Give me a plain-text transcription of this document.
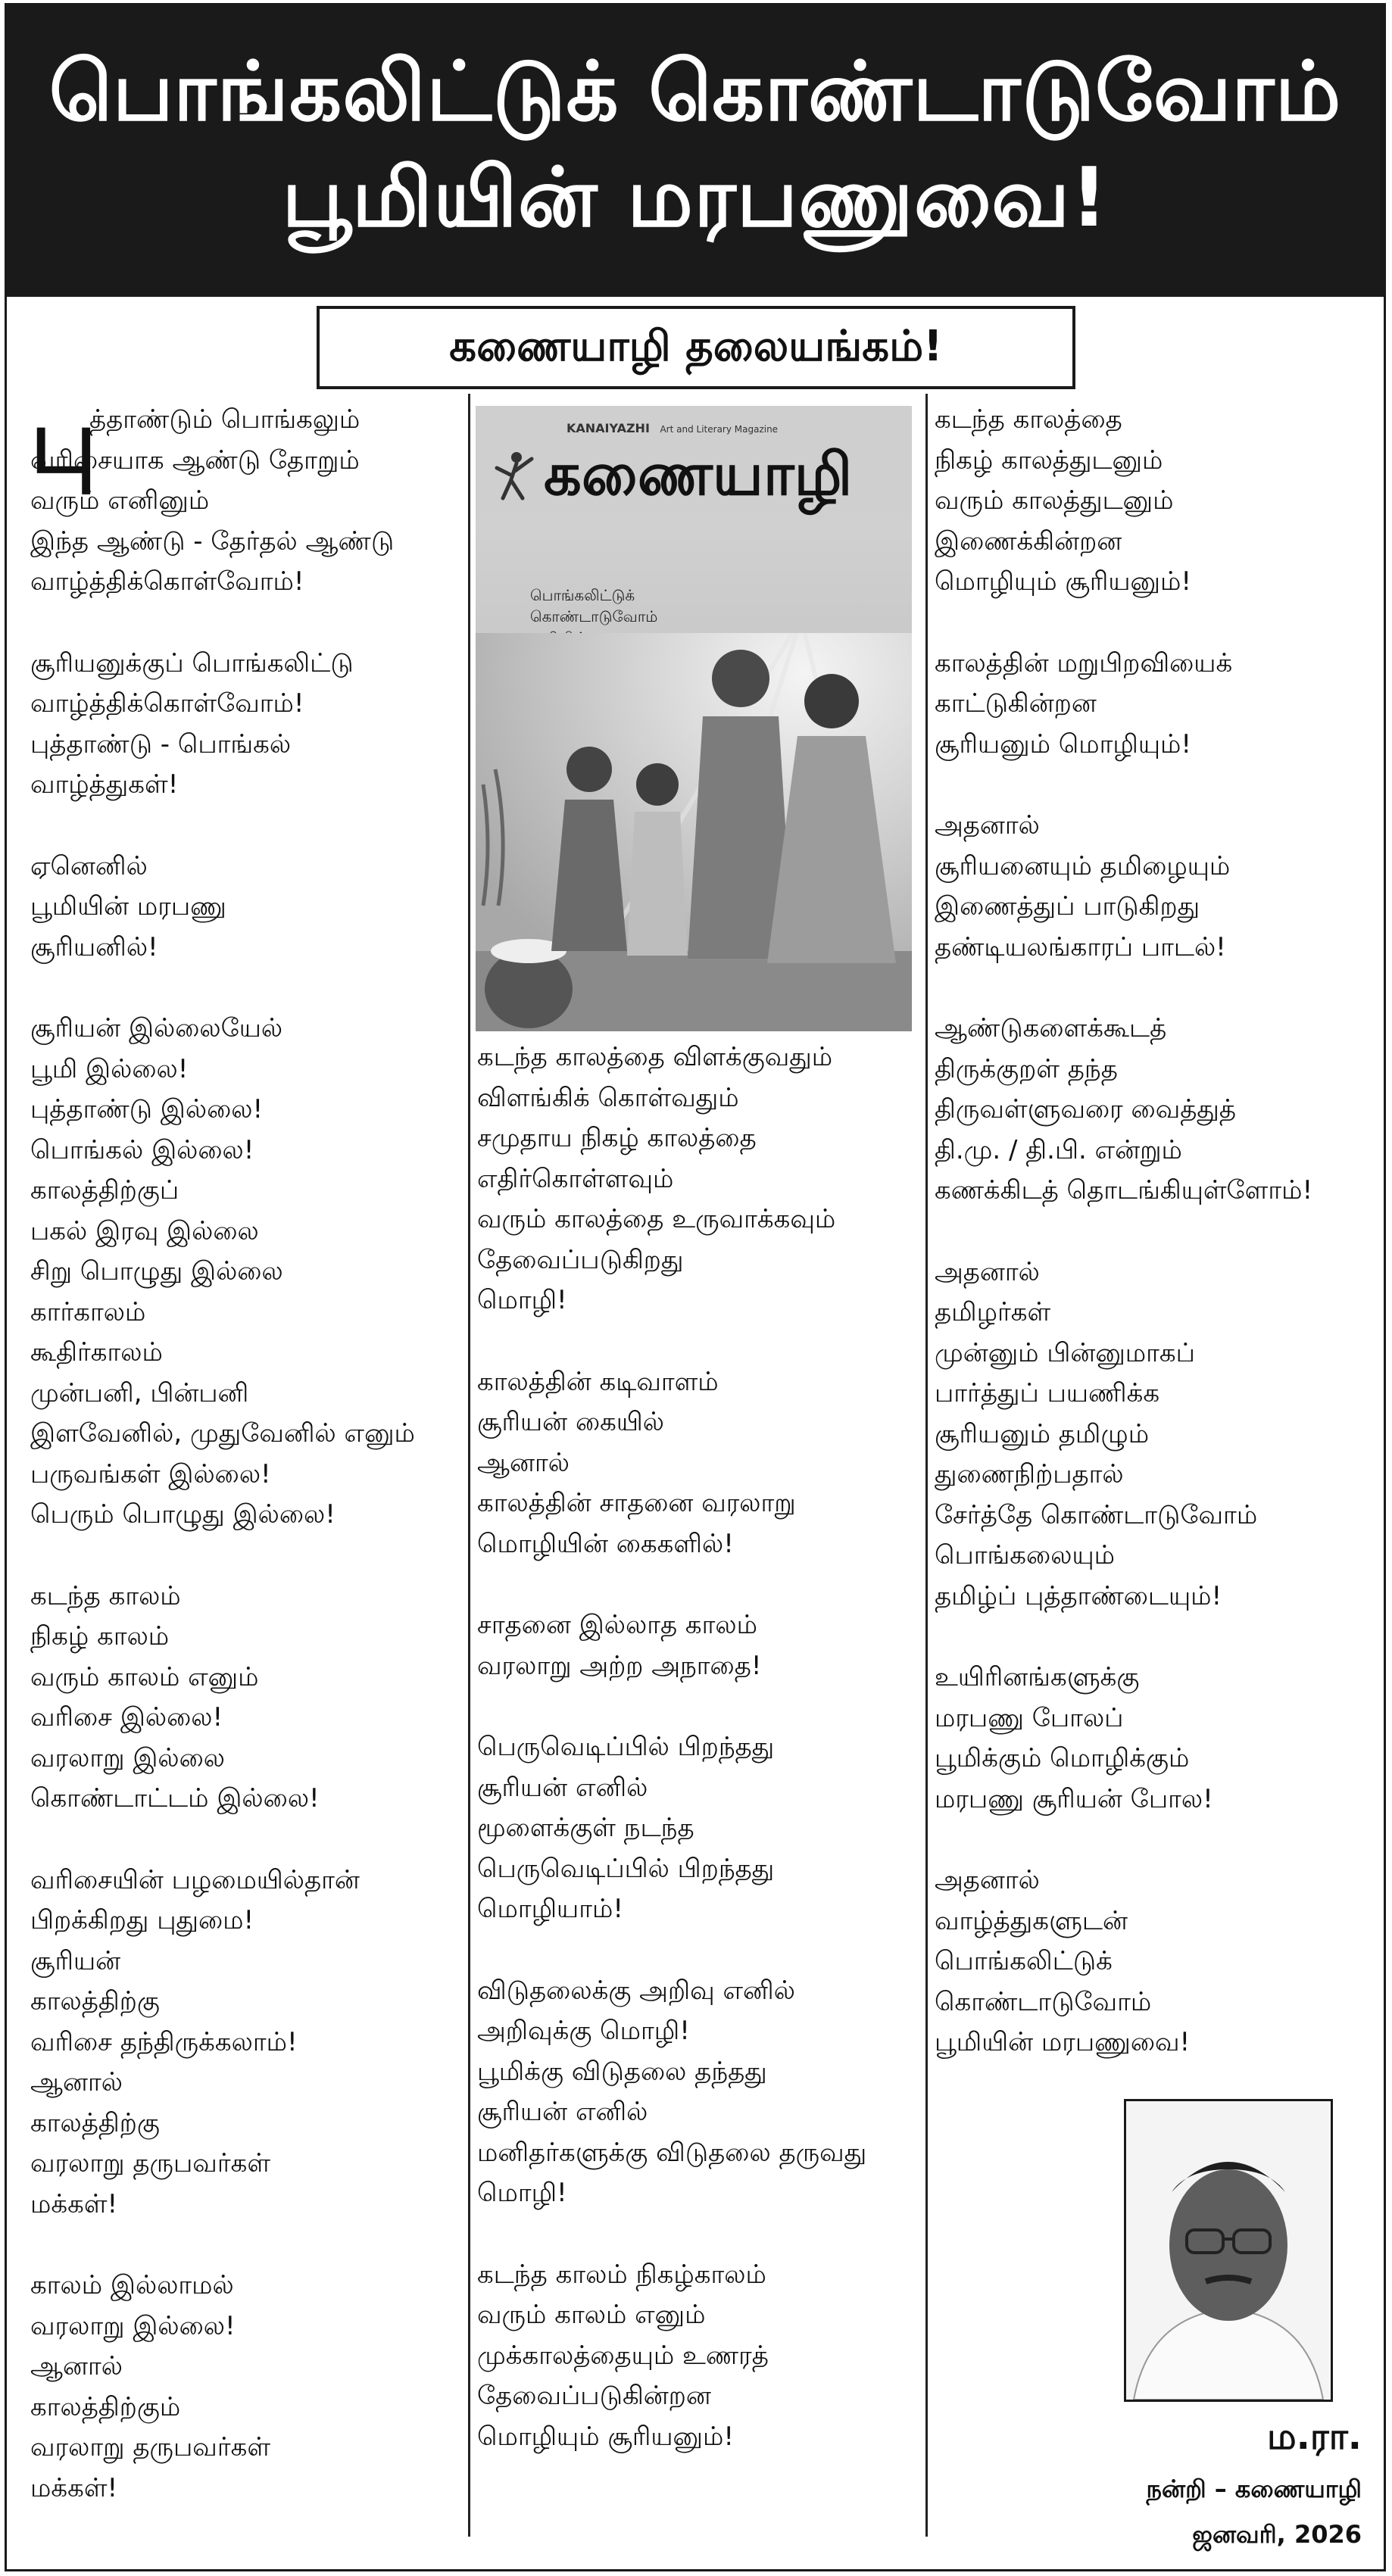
பொங்கலிட்டுக் கொண்டாடுவோம்
பூமியின் மரபணுவை!
கணையாழி தலையங்கம்!
பு
த்தாண்டும் பொங்கலும்
வரிசையாக ஆண்டு தோறும்
வரும் எனினும்
இந்த ஆண்டு - தேர்தல் ஆண்டு
வாழ்த்திக்கொள்வோம்!
சூரியனுக்குப் பொங்கலிட்டு
வாழ்த்திக்கொள்வோம்!
புத்தாண்டு - பொங்கல்
வாழ்த்துகள்!
ஏனெனில்
பூமியின் மரபணு
சூரியனில்!
சூரியன் இல்லையேல்
பூமி இல்லை!
புத்தாண்டு இல்லை!
பொங்கல் இல்லை!
காலத்திற்குப்
பகல் இரவு இல்லை
சிறு பொழுது இல்லை
கார்காலம்
கூதிர்காலம்
முன்பனி, பின்பனி
இளவேனில், முதுவேனில் எனும்
பருவங்கள் இல்லை!
பெரும் பொழுது இல்லை!
கடந்த காலம்
நிகழ் காலம்
வரும் காலம் எனும்
வரிசை இல்லை!
வரலாறு இல்லை
கொண்டாட்டம் இல்லை!
வரிசையின் பழமையில்தான்
பிறக்கிறது புதுமை!
சூரியன்
காலத்திற்கு
வரிசை தந்திருக்கலாம்!
ஆனால்
காலத்திற்கு
வரலாறு தருபவர்கள்
மக்கள்!
காலம் இல்லாமல்
வரலாறு இல்லை!
ஆனால்
காலத்திற்கும்
வரலாறு தருபவர்கள்
மக்கள்!
KANAIYAZHI Art and Literary Magazine
கணையாழி
பொங்கலிட்டுக்
கொண்டாடுவோம்
கடந்த காலத்தை விளக்குவதும்
விளங்கிக் கொள்வதும்
சமுதாய நிகழ் காலத்தை
எதிர்கொள்ளவும்
வரும் காலத்தை உருவாக்கவும்
தேவைப்படுகிறது
மொழி!
காலத்தின் கடிவாளம்
சூரியன் கையில்
ஆனால்
காலத்தின் சாதனை வரலாறு
மொழியின் கைகளில்!
சாதனை இல்லாத காலம்
வரலாறு அற்ற அநாதை!
பெருவெடிப்பில் பிறந்தது
சூரியன் எனில்
மூளைக்குள் நடந்த
பெருவெடிப்பில் பிறந்தது
மொழியாம்!
விடுதலைக்கு அறிவு எனில்
அறிவுக்கு மொழி!
பூமிக்கு விடுதலை தந்தது
சூரியன் எனில்
மனிதர்களுக்கு விடுதலை தருவது
மொழி!
கடந்த காலம் நிகழ்காலம்
வரும் காலம் எனும்
முக்காலத்தையும் உணரத்
தேவைப்படுகின்றன
மொழியும் சூரியனும்!
கடந்த காலத்தை
நிகழ் காலத்துடனும்
வரும் காலத்துடனும்
இணைக்கின்றன
மொழியும் சூரியனும்!
காலத்தின் மறுபிறவியைக்
காட்டுகின்றன
சூரியனும் மொழியும்!
அதனால்
சூரியனையும் தமிழையும்
இணைத்துப் பாடுகிறது
தண்டியலங்காரப் பாடல்!
ஆண்டுகளைக்கூடத்
திருக்குறள் தந்த
திருவள்ளுவரை வைத்துத்
தி.மு. / தி.பி. என்றும்
கணக்கிடத் தொடங்கியுள்ளோம்!
அதனால்
தமிழர்கள்
முன்னும் பின்னுமாகப்
பார்த்துப் பயணிக்க
சூரியனும் தமிழும்
துணைநிற்பதால்
சேர்த்தே கொண்டாடுவோம்
பொங்கலையும்
தமிழ்ப் புத்தாண்டையும்!
உயிரினங்களுக்கு
மரபணு போலப்
பூமிக்கும் மொழிக்கும்
மரபணு சூரியன் போல!
அதனால்
வாழ்த்துகளுடன்
பொங்கலிட்டுக்
கொண்டாடுவோம்
பூமியின் மரபணுவை!
ம.ரா.
நன்றி – கணையாழி
ஜனவரி, 2026
